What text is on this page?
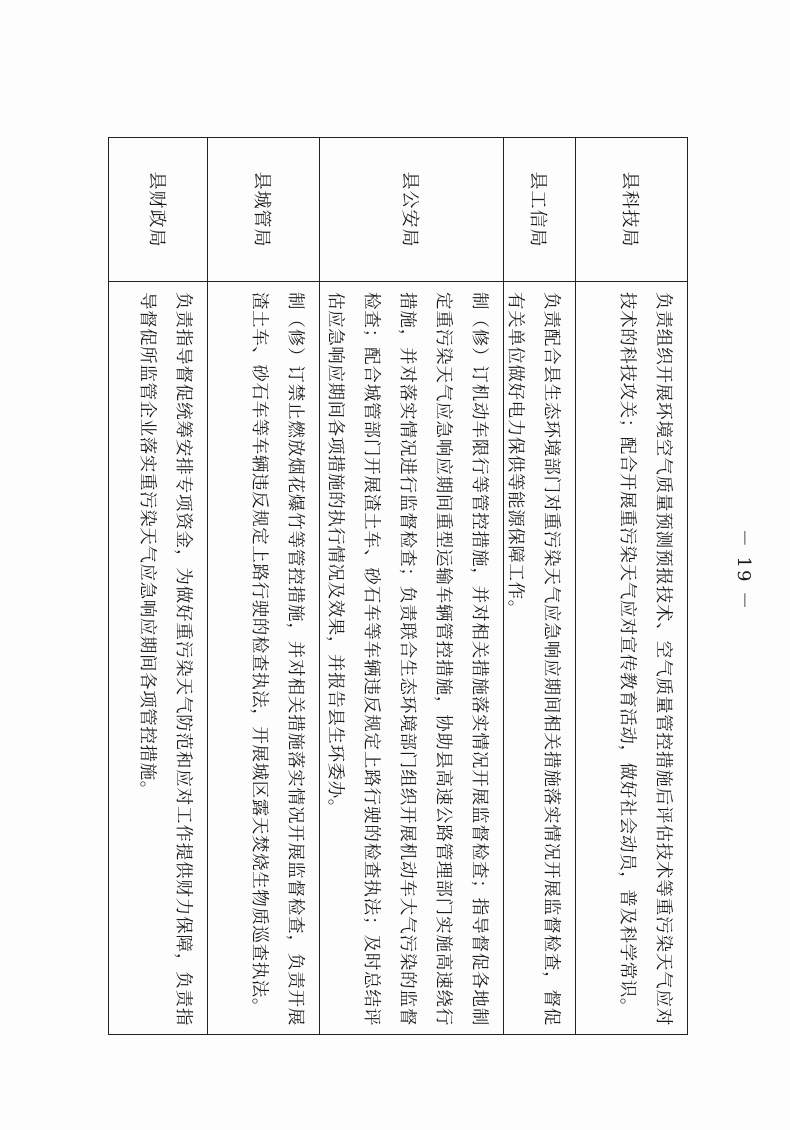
县科技局
负责组织开展环境空气质量预测预报技术、空气质量管控措施后评估技术等重污染天气应对技术的科技攻关；配合开展重污染天气应对宣传教育活动，做好社会动员，普及科学常识。
县工信局
负责配合县生态环境部门对重污染天气应急响应期间相关措施落实情况开展监督检查，督促有关单位做好电力保供等能源保障工作。
县公安局
制（修）订机动车限行等管控措施，并对相关措施落实情况开展监督检查；指导督促各地制定重污染天气应急响应期间重型运输车辆管控措施，协助县高速公路管理部门实施高速绕行措施，并对落实情况进行监督检查；负责联合生态环境部门组织开展机动车大气污染的监督检查；配合城管部门开展渣土车、砂石车等车辆违反规定上路行驶的检查执法；及时总结评估应急响应期间各项措施的执行情况及效果，并报告县生环委办。
县城管局
制（修）订禁止燃放烟花爆竹等管控措施，并对相关措施落实情况开展监督检查，负责开展渣土车、砂石车等车辆违反规定上路行驶的检查执法，开展城区露天焚烧生物质巡查执法。
县财政局
负责指导督促统筹安排专项资金，为做好重污染天气防范和应对工作提供财力保障，负责指导督促所监管企业落实重污染天气应急响应期间各项管控措施。	－ 19 －
